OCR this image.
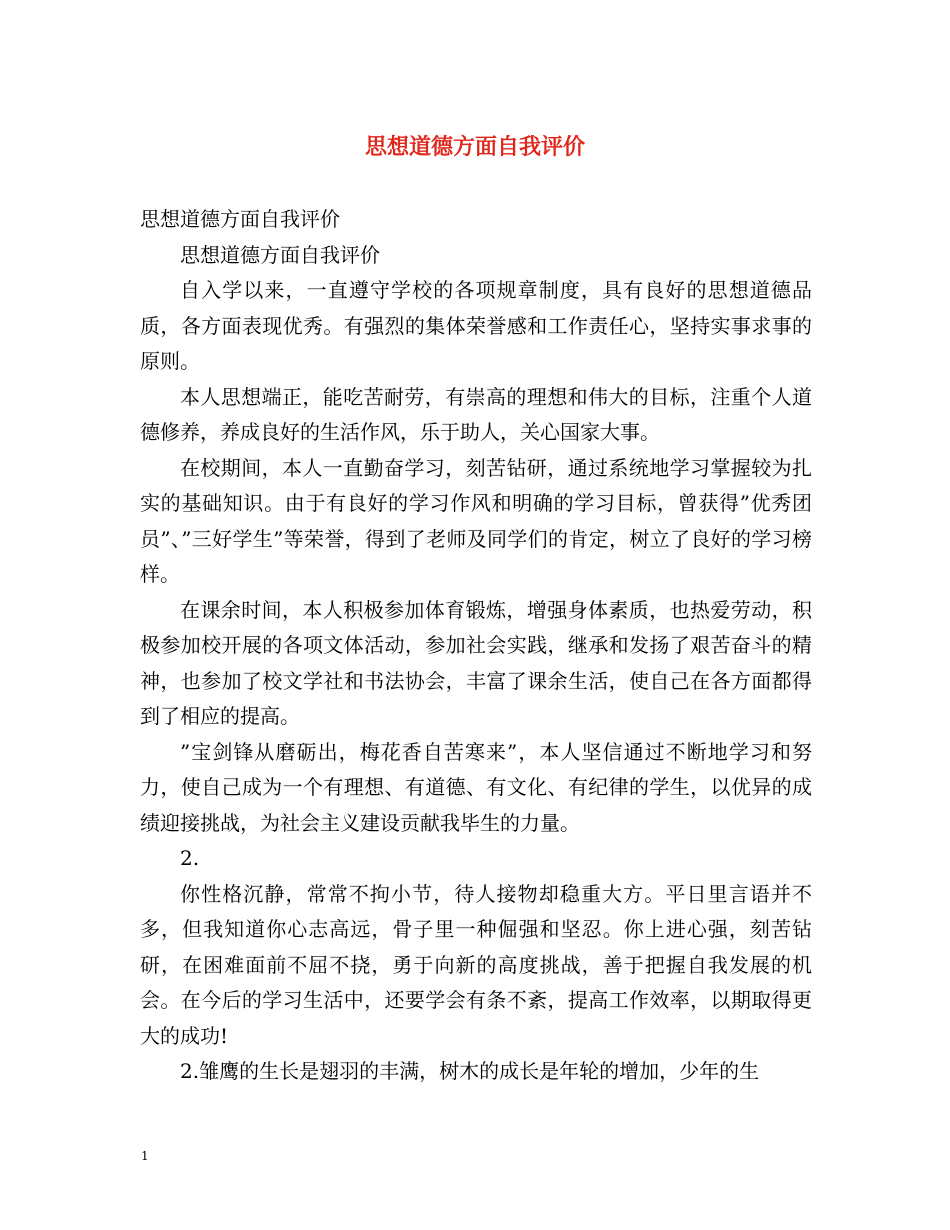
思想道德方面自我评价

思想道德方面自我评价

思想道德方面自我评价

自入学以来，一直遵守学校的各项规章制度，具有良好的思想道德品质，各方面表现优秀。有强烈的集体荣誉感和工作责任心，坚持实事求事的原则。

本人思想端正，能吃苦耐劳，有崇高的理想和伟大的目标，注重个人道德修养，养成良好的生活作风，乐于助人，关心国家大事。

在校期间，本人一直勤奋学习，刻苦钻研，通过系统地学习掌握较为扎实的基础知识。由于有良好的学习作风和明确的学习目标，曾获得”优秀团员”、”三好学生”等荣誉，得到了老师及同学们的肯定，树立了良好的学习榜样。

在课余时间，本人积极参加体育锻炼，增强身体素质，也热爱劳动，积极参加校开展的各项文体活动，参加社会实践，继承和发扬了艰苦奋斗的精神，也参加了校文学社和书法协会，丰富了课余生活，使自己在各方面都得到了相应的提高。

”宝剑锋从磨砺出，梅花香自苦寒来”，本人坚信通过不断地学习和努力，使自己成为一个有理想、有道德、有文化、有纪律的学生，以优异的成绩迎接挑战，为社会主义建设贡献我毕生的力量。

2.

你性格沉静，常常不拘小节，待人接物却稳重大方。平日里言语并不多，但我知道你心志高远，骨子里一种倔强和坚忍。你上进心强，刻苦钻研，在困难面前不屈不挠，勇于向新的高度挑战，善于把握自我发展的机会。在今后的学习生活中，还要学会有条不紊，提高工作效率，以期取得更大的成功!

2.雏鹰的生长是翅羽的丰满，树木的成长是年轮的增加，少年的生

1
